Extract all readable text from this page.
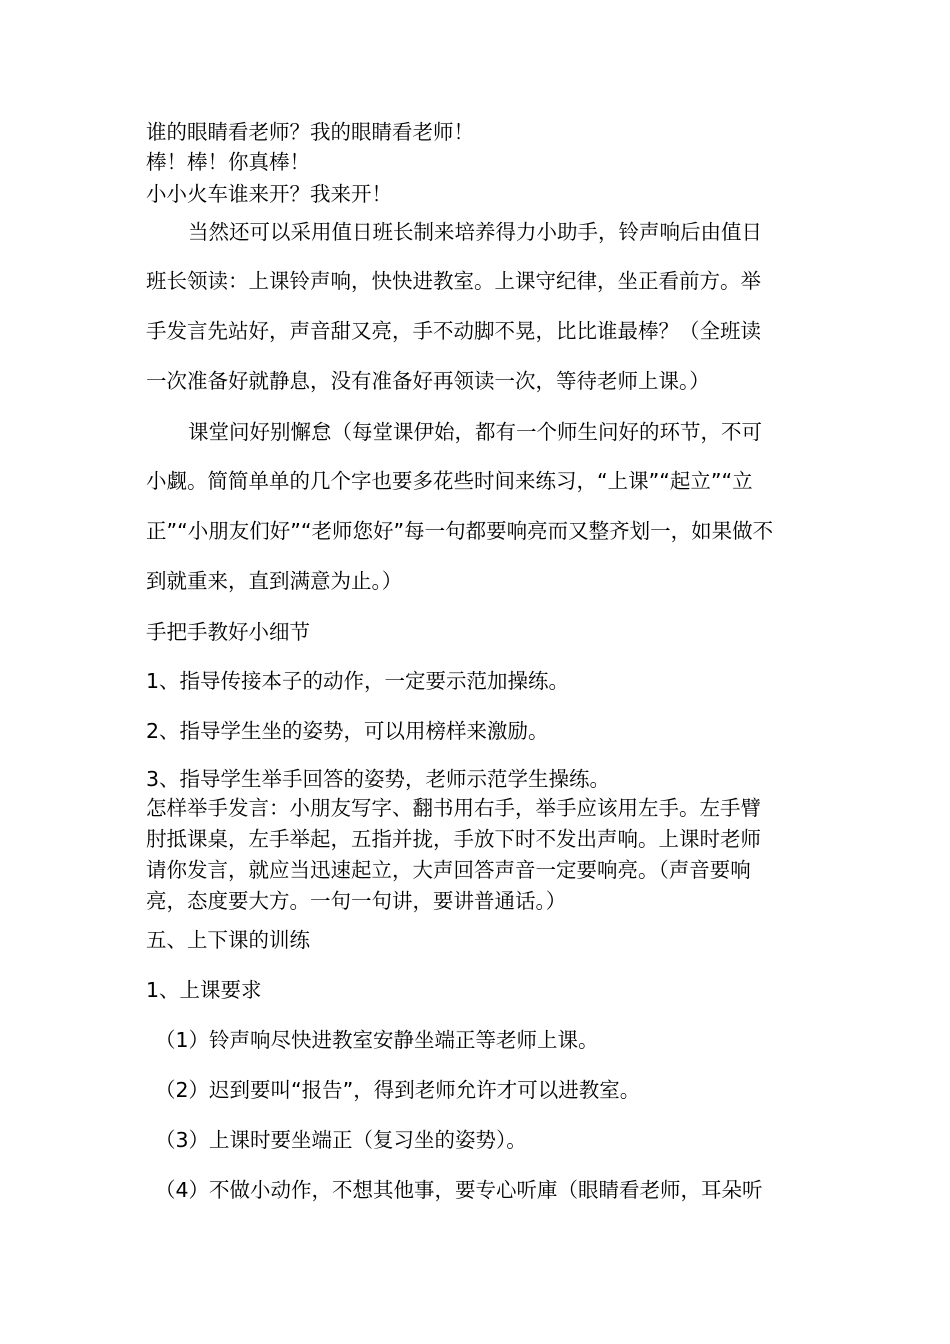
谁的眼睛看老师？我的眼睛看老师！

棒！棒！你真棒！

小小火车谁来开？我来开！

当然还可以采用值日班长制来培养得力小助手，铃声响后由值日

班长领读：上课铃声响，快快进教室。上课守纪律，坐正看前方。举

手发言先站好，声音甜又亮，手不动脚不晃，比比谁最棒？（全班读

一次准备好就静息，没有准备好再领读一次，等待老师上课。）

课堂问好别懈怠（每堂课伊始，都有一个师生问好的环节，不可

小觑。简简单单的几个字也要多花些时间来练习，“上课”“起立”“立

正”“小朋友们好”“老师您好”每一句都要响亮而又整齐划一，如果做不

到就重来，直到满意为止。）

手把手教好小细节

1、指导传接本子的动作，一定要示范加操练。

2、指导学生坐的姿势，可以用榜样来激励。

3、指导学生举手回答的姿势，老师示范学生操练。

怎样举手发言：小朋友写字、翻书用右手，举手应该用左手。左手臂

肘抵课桌，左手举起，五指并拢，手放下时不发出声响。上课时老师

请你发言，就应当迅速起立，大声回答声音一定要响亮。（声音要响

亮，态度要大方。一句一句讲，要讲普通话。）

五、上下课的训练

1、上课要求

（1）铃声响尽快进教室安静坐端正等老师上课。

（2）迟到要叫“报告”，得到老师允许才可以进教室。

（3）上课时要坐端正（复习坐的姿势）。

（4）不做小动作，不想其他事，要专心听庫（眼睛看老师，耳朵听
